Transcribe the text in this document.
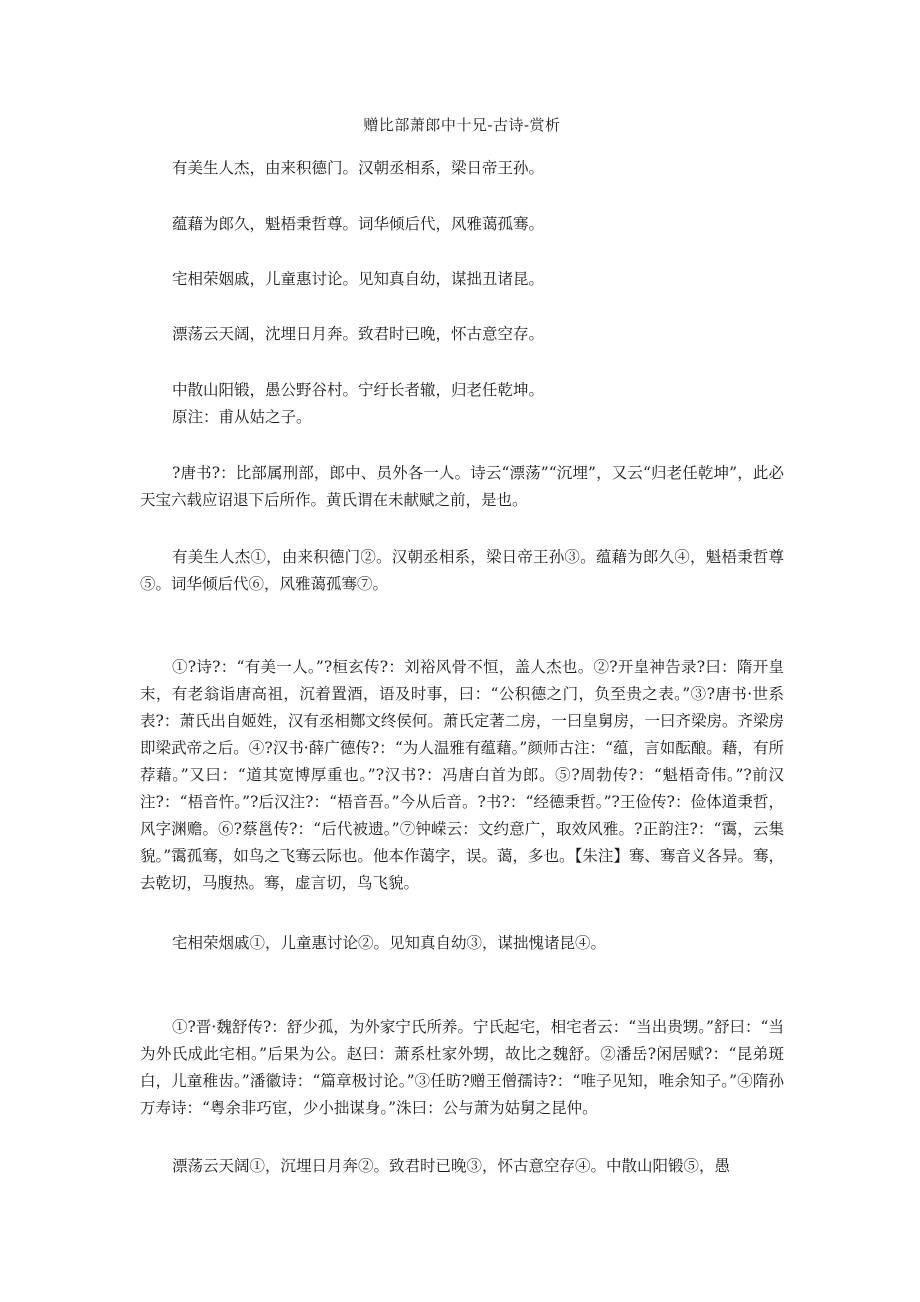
赠比部萧郎中十兄-古诗-赏析
有美生人杰，由来积德门。汉朝丞相系，梁日帝王孙。
蕴藉为郎久，魁梧秉哲尊。词华倾后代，风雅蔼孤骞。
宅相荣姻戚，儿童惠讨论。见知真自幼，谋拙丑诸昆。
漂荡云天阔，沈埋日月奔。致君时已晚，怀古意空存。
中散山阳锻，愚公野谷村。宁纡长者辙，归老任乾坤。
原注：甫从姑之子。
?唐书?：比部属刑部，郎中、员外各一人。诗云“漂荡”“沉埋”，又云“归老任乾坤”，此必天宝六载应诏退下后所作。黄氏谓在未献赋之前，是也。
有美生人杰①，由来积德门②。汉朝丞相系，梁日帝王孙③。蕴藉为郎久④，魁梧秉哲尊⑤。词华倾后代⑥，风雅蔼孤骞⑦。
①?诗?：“有美一人。”?桓玄传?：刘裕风骨不恒，盖人杰也。②?开皇神告录?曰：隋开皇末，有老翁诣唐高祖，沉着置酒，语及时事，曰：“公积德之门，负至贵之表。”③?唐书·世系表?：萧氏出自姬姓，汉有丞相酂文终侯何。萧氏定著二房，一曰皇舅房，一曰齐梁房。齐梁房即梁武帝之后。④?汉书·薛广德传?：“为人温雅有蕴藉。”颜师古注：“蕴，言如酝酿。藉，有所荐藉。”又曰：“道其宽博厚重也。”?汉书?：冯唐白首为郎。⑤?周勃传?：“魁梧奇伟。”?前汉注?：“梧音忤。”?后汉注?：“梧音吾。”今从后音。?书?：“经德秉哲。”?王俭传?：俭体道秉哲，风字渊赡。⑥?蔡邕传?：“后代被遗。”⑦钟嵘云：文约意广，取效风雅。?正韵注?：“霭，云集貌。”霭孤骞，如鸟之飞骞云际也。他本作蔼字，误。蔼，多也。【朱注】骞、骞音义各异。骞，去乾切，马腹热。骞，虚言切，鸟飞貌。
宅相荣烟戚①，儿童惠讨论②。见知真自幼③，谋拙愧诸昆④。
①?晋·魏舒传?：舒少孤，为外家宁氏所养。宁氏起宅，相宅者云：“当出贵甥。”舒曰：“当为外氏成此宅相。”后果为公。赵曰：萧系杜家外甥，故比之魏舒。②潘岳?闲居赋?：“昆弟斑白，儿童稚齿。”潘徽诗：“篇章极讨论。”③任昉?赠王僧孺诗?：“唯子见知，唯余知子。”④隋孙万寿诗：“粤余非巧宦，少小拙谋身。”洙曰：公与萧为姑舅之昆仲。
漂荡云天阔①，沉埋日月奔②。致君时已晚③，怀古意空存④。中散山阳锻⑤，愚
